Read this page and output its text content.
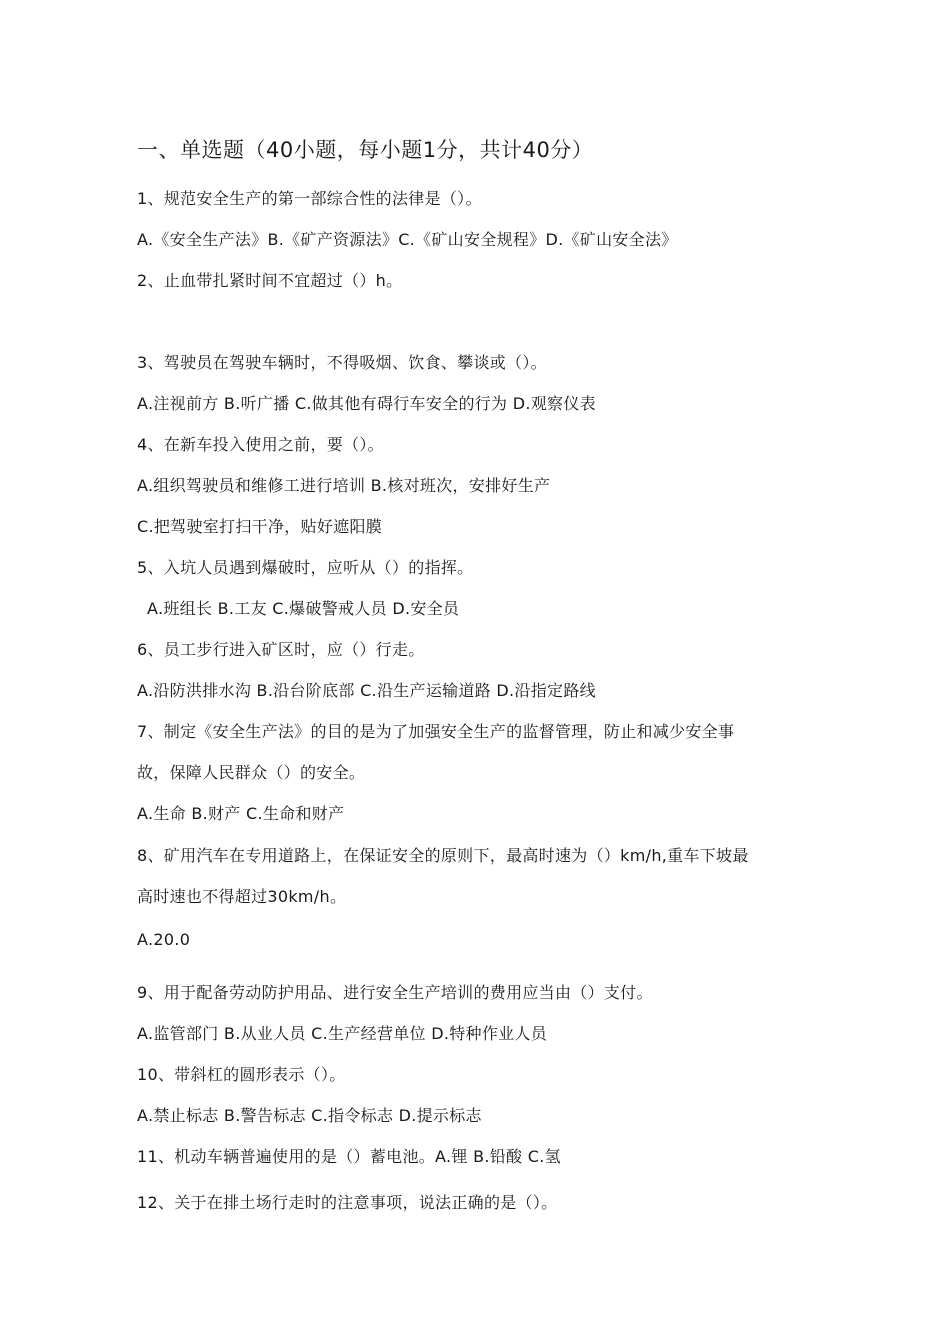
一、单选题（40小题，每小题1分，共计40分）
1、规范安全生产的第一部综合性的法律是（）。
A.《安全生产法》B.《矿产资源法》C.《矿山安全规程》D.《矿山安全法》
2、止血带扎紧时间不宜超过（）h。
3、驾驶员在驾驶车辆时，不得吸烟、饮食、攀谈或（）。
A.注视前方 B.听广播 C.做其他有碍行车安全的行为 D.观察仪表
4、在新车投入使用之前，要（）。
A.组织驾驶员和维修工进行培训 B.核对班次，安排好生产
C.把驾驶室打扫干净，贴好遮阳膜
5、入坑人员遇到爆破时，应听从（）的指挥。
A.班组长 B.工友 C.爆破警戒人员 D.安全员
6、员工步行进入矿区时，应（）行走。
A.沿防洪排水沟 B.沿台阶底部 C.沿生产运输道路 D.沿指定路线
7、制定《安全生产法》的目的是为了加强安全生产的监督管理，防止和减少安全事
故，保障人民群众（）的安全。
A.生命 B.财产 C.生命和财产
8、矿用汽车在专用道路上，在保证安全的原则下，最高时速为（）km/h,重车下坡最
高时速也不得超过30km/h。
A.20.0
9、用于配备劳动防护用品、进行安全生产培训的费用应当由（）支付。
A.监管部门 B.从业人员 C.生产经营单位 D.特种作业人员
10、带斜杠的圆形表示（）。
A.禁止标志 B.警告标志 C.指令标志 D.提示标志
11、机动车辆普遍使用的是（）蓄电池。A.锂 B.铅酸 C.氢
12、关于在排土场行走时的注意事项，说法正确的是（）。
